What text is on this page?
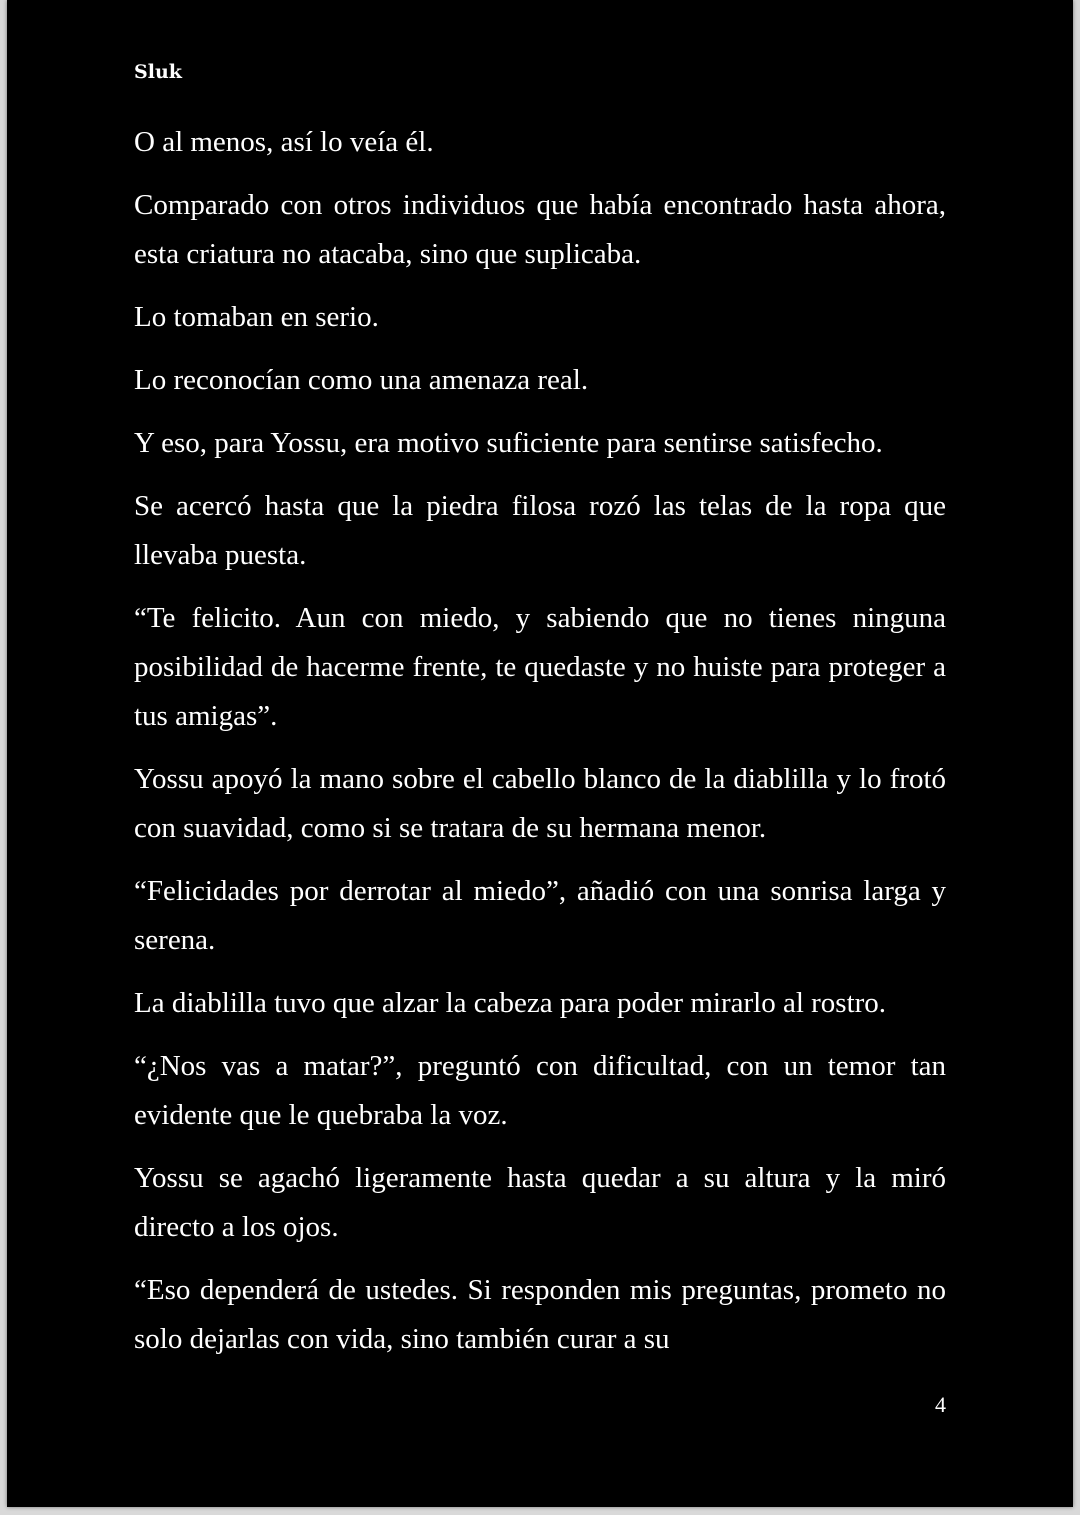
Sluk

O al menos, así lo veía él.

Comparado con otros individuos que había encontrado hasta ahora, esta criatura no atacaba, sino que suplicaba.

Lo tomaban en serio.

Lo reconocían como una amenaza real.

Y eso, para Yossu, era motivo suficiente para sentirse satisfecho.

Se acercó hasta que la piedra filosa rozó las telas de la ropa que llevaba puesta.

“Te felicito. Aun con miedo, y sabiendo que no tienes ninguna posibilidad de hacerme frente, te quedaste y no huiste para proteger a tus amigas”.

Yossu apoyó la mano sobre el cabello blanco de la diablilla y lo frotó con suavidad, como si se tratara de su hermana menor.

“Felicidades por derrotar al miedo”, añadió con una sonrisa larga y serena.

La diablilla tuvo que alzar la cabeza para poder mirarlo al rostro.

“¿Nos vas a matar?”, preguntó con dificultad, con un temor tan evidente que le quebraba la voz.

Yossu se agachó ligeramente hasta quedar a su altura y la miró directo a los ojos.

“Eso dependerá de ustedes. Si responden mis preguntas, prometo no solo dejarlas con vida, sino también curar a su

4
